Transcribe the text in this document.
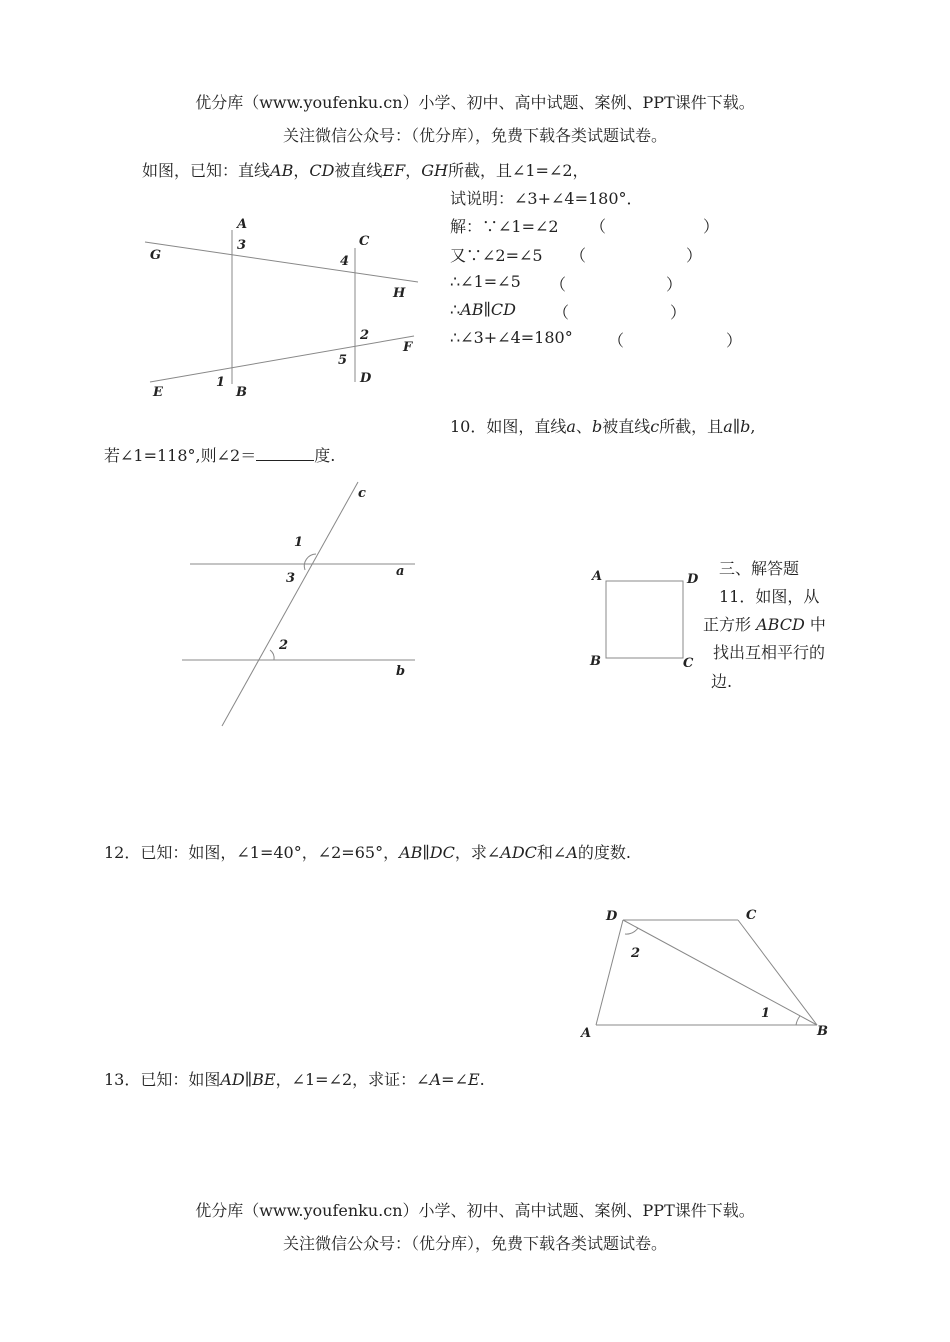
优分库（www.youfenku.cn）小学、初中、高中试题、案例、PPT课件下载。
关注微信公众号：（优分库），免费下载各类试题试卷。
如图，已知：直线AB，CD被直线EF，GH所截，且∠1=∠2，
试说明：∠3+∠4=180°．
解：∵∠1=∠2 （	）
又∵∠2=∠5 （	）
∴∠1=∠5 （	）
∴AB∥CD （	）
∴∠3+∠4=180° （	）
A
3	C
G	4
H
2
F
5
D
1
E	B
10．如图，直线a、b被直线c所截，且a∥b,
若∠1=118°,则∠2＝	度.
c
1
a
3
2
b
三、解答题
11．如图，从
正方形 ABCD 中
找出互相平行的
边.
A	D
B	C
12．已知：如图，∠1=40°，∠2=65°，AB∥DC，求∠ADC和∠A的度数.
D	C
2
1
A	B
13．已知：如图AD∥BE，∠1=∠2，求证：∠A=∠E.
优分库（www.youfenku.cn）小学、初中、高中试题、案例、PPT课件下载。
关注微信公众号：（优分库），免费下载各类试题试卷。
